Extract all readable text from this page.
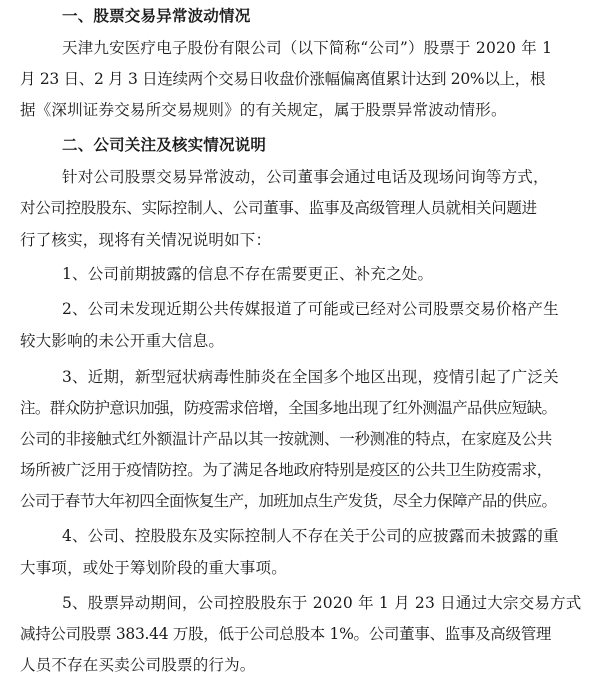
一、股票交易异常波动情况
天津九安医疗电子股份有限公司（以下简称“公司”）股票于 2020 年 1
月 23 日、2 月 3 日连续两个交易日收盘价涨幅偏离值累计达到 20%以上，根
据《深圳证券交易所交易规则》的有关规定，属于股票异常波动情形。
二、公司关注及核实情况说明
针对公司股票交易异常波动，公司董事会通过电话及现场问询等方式，
对公司控股股东、实际控制人、公司董事、监事及高级管理人员就相关问题进
行了核实，现将有关情况说明如下：
1、公司前期披露的信息不存在需要更正、补充之处。
2、公司未发现近期公共传媒报道了可能或已经对公司股票交易价格产生
较大影响的未公开重大信息。
3、近期，新型冠状病毒性肺炎在全国多个地区出现，疫情引起了广泛关
注。群众防护意识加强，防疫需求倍增，全国多地出现了红外测温产品供应短缺。
公司的非接触式红外额温计产品以其一按就测、一秒测准的特点，在家庭及公共
场所被广泛用于疫情防控。为了满足各地政府特别是疫区的公共卫生防疫需求，
公司于春节大年初四全面恢复生产，加班加点生产发货，尽全力保障产品的供应。
4、公司、控股股东及实际控制人不存在关于公司的应披露而未披露的重
大事项，或处于筹划阶段的重大事项。
5、股票异动期间，公司控股股东于 2020 年 1 月 23 日通过大宗交易方式
减持公司股票 383.44 万股，低于公司总股本 1%。公司董事、监事及高级管理
人员不存在买卖公司股票的行为。
